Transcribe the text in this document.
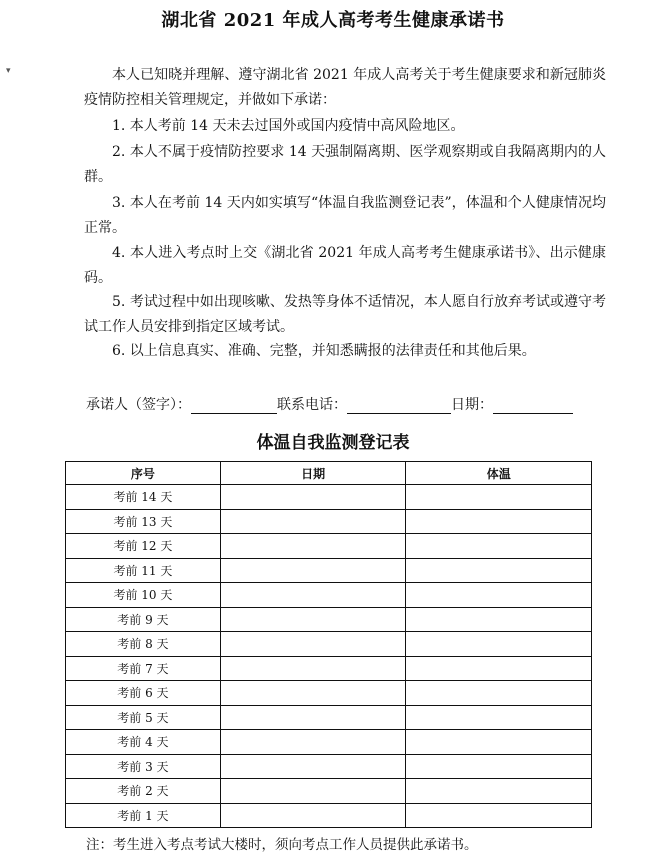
湖北省 2021 年成人高考考生健康承诺书
▾	本人已知晓并理解、遵守湖北省 2021 年成人高考关于考生健康要求和新冠肺炎疫情防控相关管理规定，并做如下承诺：

1. 本人考前 14 天未去过国外或国内疫情中高风险地区。

2. 本人不属于疫情防控要求 14 天强制隔离期、医学观察期或自我隔离期内的人群。

3. 本人在考前 14 天内如实填写“体温自我监测登记表”，体温和个人健康情况均正常。

4. 本人进入考点时上交《湖北省 2021 年成人高考考生健康承诺书》、出示健康码。

5. 考试过程中如出现咳嗽、发热等身体不适情况，本人愿自行放弃考试或遵守考试工作人员安排到指定区域考试。

6. 以上信息真实、准确、完整，并知悉瞒报的法律责任和其他后果。

承诺人（签字）：	联系电话：	日期：
体温自我监测登记表
序号	日期	体温
考前 14 天		
考前 13 天		
考前 12 天		
考前 11 天		
考前 10 天		
考前 9 天		
考前 8 天		
考前 7 天		
考前 6 天		
考前 5 天		
考前 4 天		
考前 3 天		
考前 2 天		
考前 1 天		
注：考生进入考点考试大楼时，须向考点工作人员提供此承诺书。
